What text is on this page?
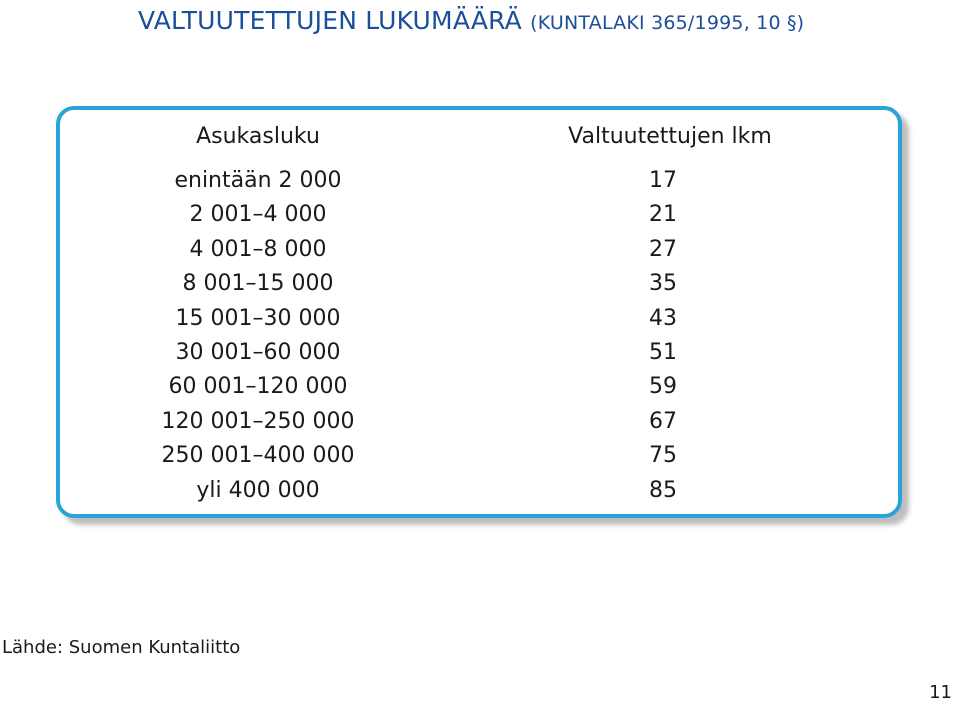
VALTUUTETTUJEN LUKUMÄÄRÄ (KUNTALAKI 365/1995, 10 §)
Asukasluku	Valtuutettujen lkm
enintään 2 000	17
2 001–4 000	21
4 001–8 000	27
8 001–15 000	35
15 001–30 000	43
30 001–60 000	51
60 001–120 000	59
120 001–250 000	67
250 001–400 000	75
yli 400 000	85
Lähde: Suomen Kuntaliitto
11
